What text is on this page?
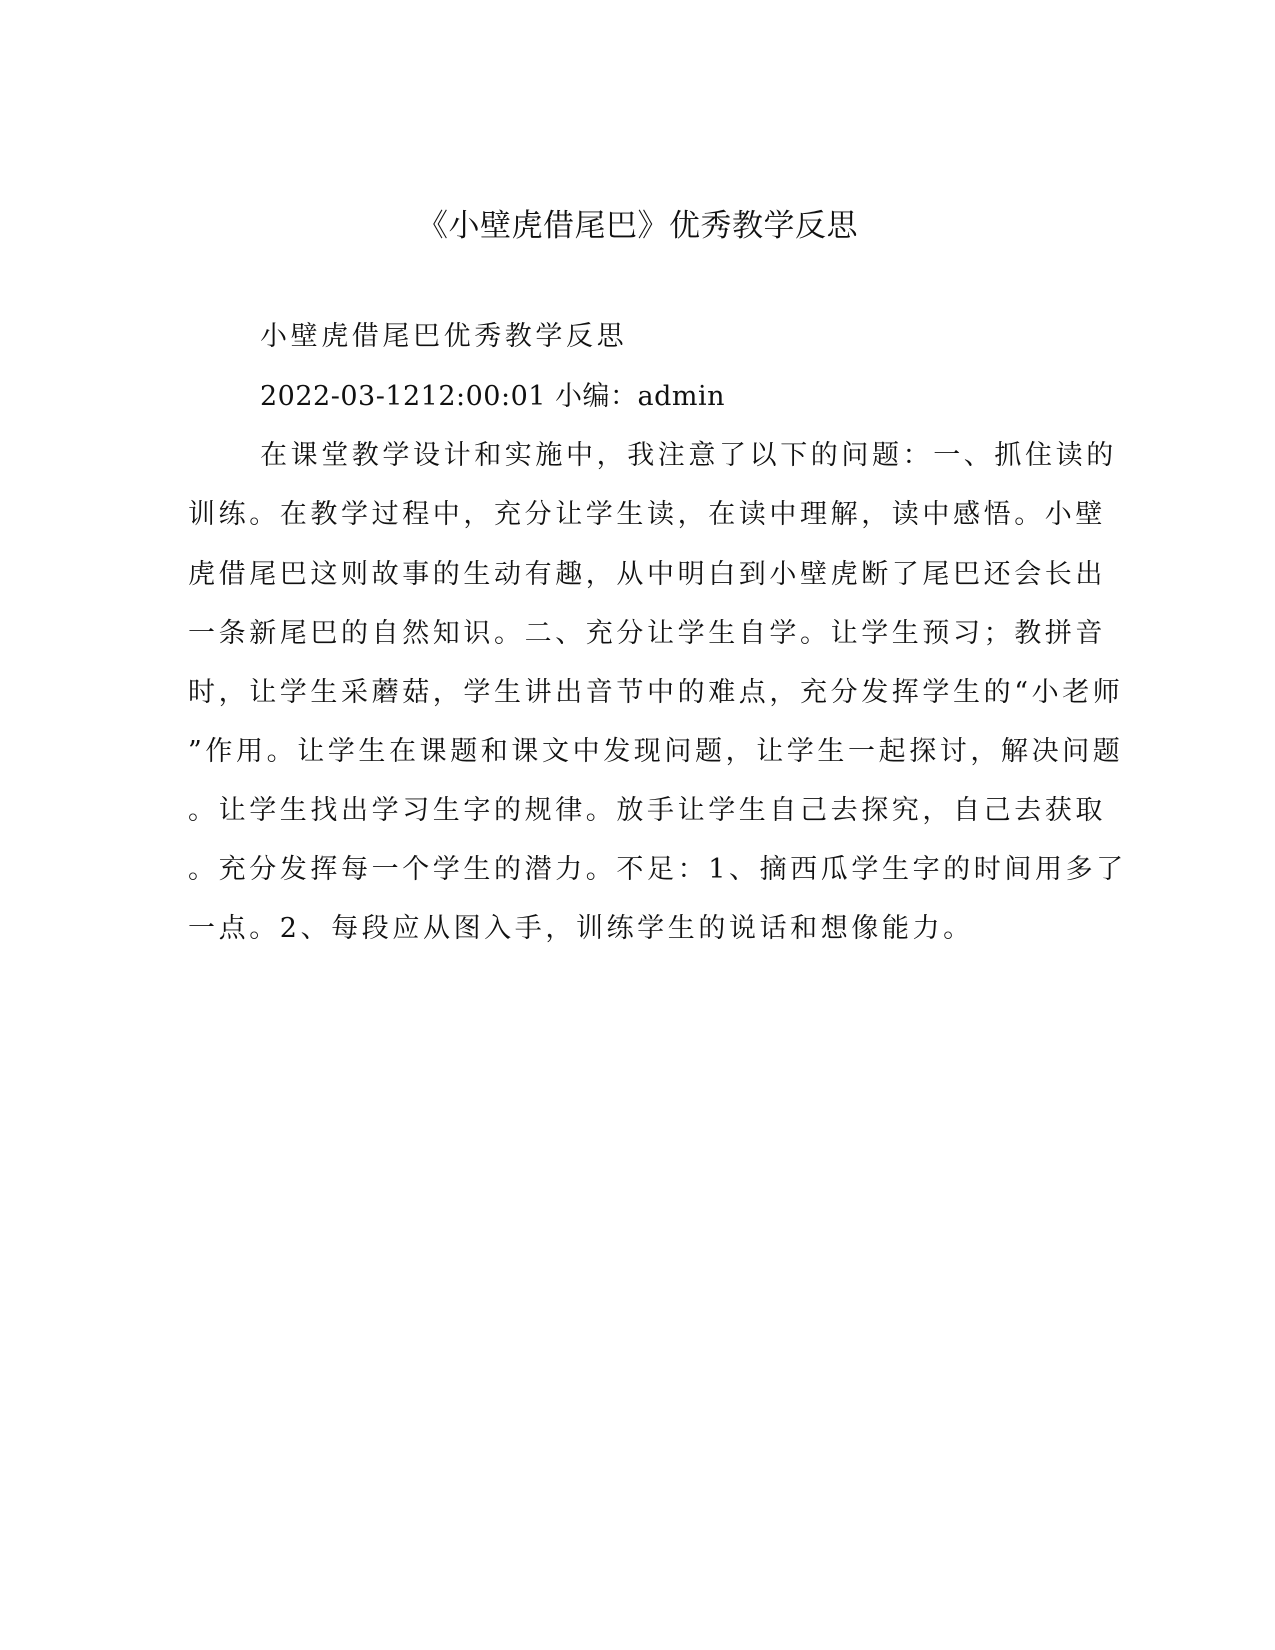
《小壁虎借尾巴》优秀教学反思
小壁虎借尾巴优秀教学反思
2022-03-1212:00:01 小编：admin
在课堂教学设计和实施中，我注意了以下的问题：一、抓住读的
训练。在教学过程中，充分让学生读，在读中理解，读中感悟。小壁
虎借尾巴这则故事的生动有趣，从中明白到小壁虎断了尾巴还会长出
一条新尾巴的自然知识。二、充分让学生自学。让学生预习；教拼音
时，让学生采蘑菇，学生讲出音节中的难点，充分发挥学生的“小老师
”作用。让学生在课题和课文中发现问题，让学生一起探讨，解决问题
。让学生找出学习生字的规律。放手让学生自己去探究，自己去获取
。充分发挥每一个学生的潜力。不足：1、摘西瓜学生字的时间用多了
一点。2、每段应从图入手，训练学生的说话和想像能力。
